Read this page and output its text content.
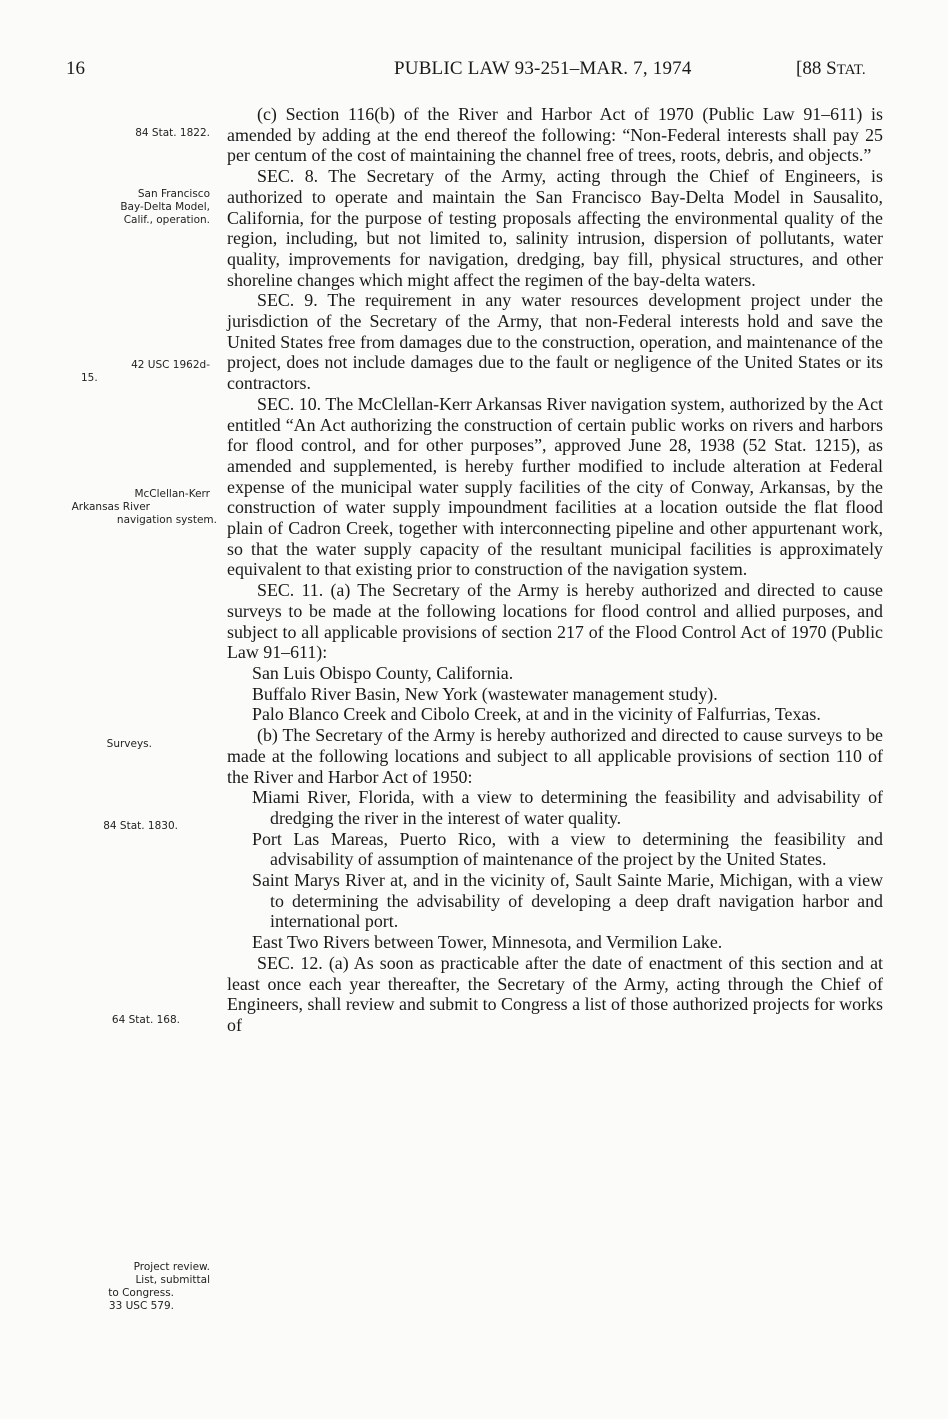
16	PUBLIC LAW 93-251–MAR. 7, 1974	[88 STAT.
84 Stat. 1822.
San Francisco
Bay-Delta Model,
Calif., operation.
42 USC 1962d-
15.
McClellan-Kerr
Arkansas River
navigation system.
Surveys.
84 Stat. 1830.
64 Stat. 168.
Project review.
List, submittal
to Congress.
33 USC 579.

(c) Section 116(b) of the River and Harbor Act of 1970 (Public Law 91–611) is amended by adding at the end thereof the following: “Non-Federal interests shall pay 25 per centum of the cost of maintaining the channel free of trees, roots, debris, and objects.”

SEC. 8. The Secretary of the Army, acting through the Chief of Engineers, is authorized to operate and maintain the San Francisco Bay-Delta Model in Sausalito, California, for the purpose of testing proposals affecting the environmental quality of the region, including, but not limited to, salinity intrusion, dispersion of pollutants, water quality, improvements for navigation, dredging, bay fill, physical structures, and other shoreline changes which might affect the regimen of the bay-delta waters.

SEC. 9. The requirement in any water resources development project under the jurisdiction of the Secretary of the Army, that non-Federal interests hold and save the United States free from damages due to the construction, operation, and maintenance of the project, does not include damages due to the fault or negligence of the United States or its contractors.

SEC. 10. The McClellan-Kerr Arkansas River navigation system, authorized by the Act entitled “An Act authorizing the construction of certain public works on rivers and harbors for flood control, and for other purposes”, approved June 28, 1938 (52 Stat. 1215), as amended and supplemented, is hereby further modified to include alteration at Federal expense of the municipal water supply facilities of the city of Conway, Arkansas, by the construction of water supply impoundment facilities at a location outside the flat flood plain of Cadron Creek, together with interconnecting pipeline and other appurtenant work, so that the water supply capacity of the resultant municipal facilities is approximately equivalent to that existing prior to construction of the navigation system.

SEC. 11. (a) The Secretary of the Army is hereby authorized and directed to cause surveys to be made at the following locations for flood control and allied purposes, and subject to all applicable provisions of section 217 of the Flood Control Act of 1970 (Public Law 91–611):

San Luis Obispo County, California.

Buffalo River Basin, New York (wastewater management study).

Palo Blanco Creek and Cibolo Creek, at and in the vicinity of Falfurrias, Texas.

(b) The Secretary of the Army is hereby authorized and directed to cause surveys to be made at the following locations and subject to all applicable provisions of section 110 of the River and Harbor Act of 1950:

Miami River, Florida, with a view to determining the feasibility and advisability of dredging the river in the interest of water quality.

Port Las Mareas, Puerto Rico, with a view to determining the feasibility and advisability of assumption of maintenance of the project by the United States.

Saint Marys River at, and in the vicinity of, Sault Sainte Marie, Michigan, with a view to determining the advisability of developing a deep draft navigation harbor and international port.

East Two Rivers between Tower, Minnesota, and Vermilion Lake.

SEC. 12. (a) As soon as practicable after the date of enactment of this section and at least once each year thereafter, the Secretary of the Army, acting through the Chief of Engineers, shall review and submit to Congress a list of those authorized projects for works of
